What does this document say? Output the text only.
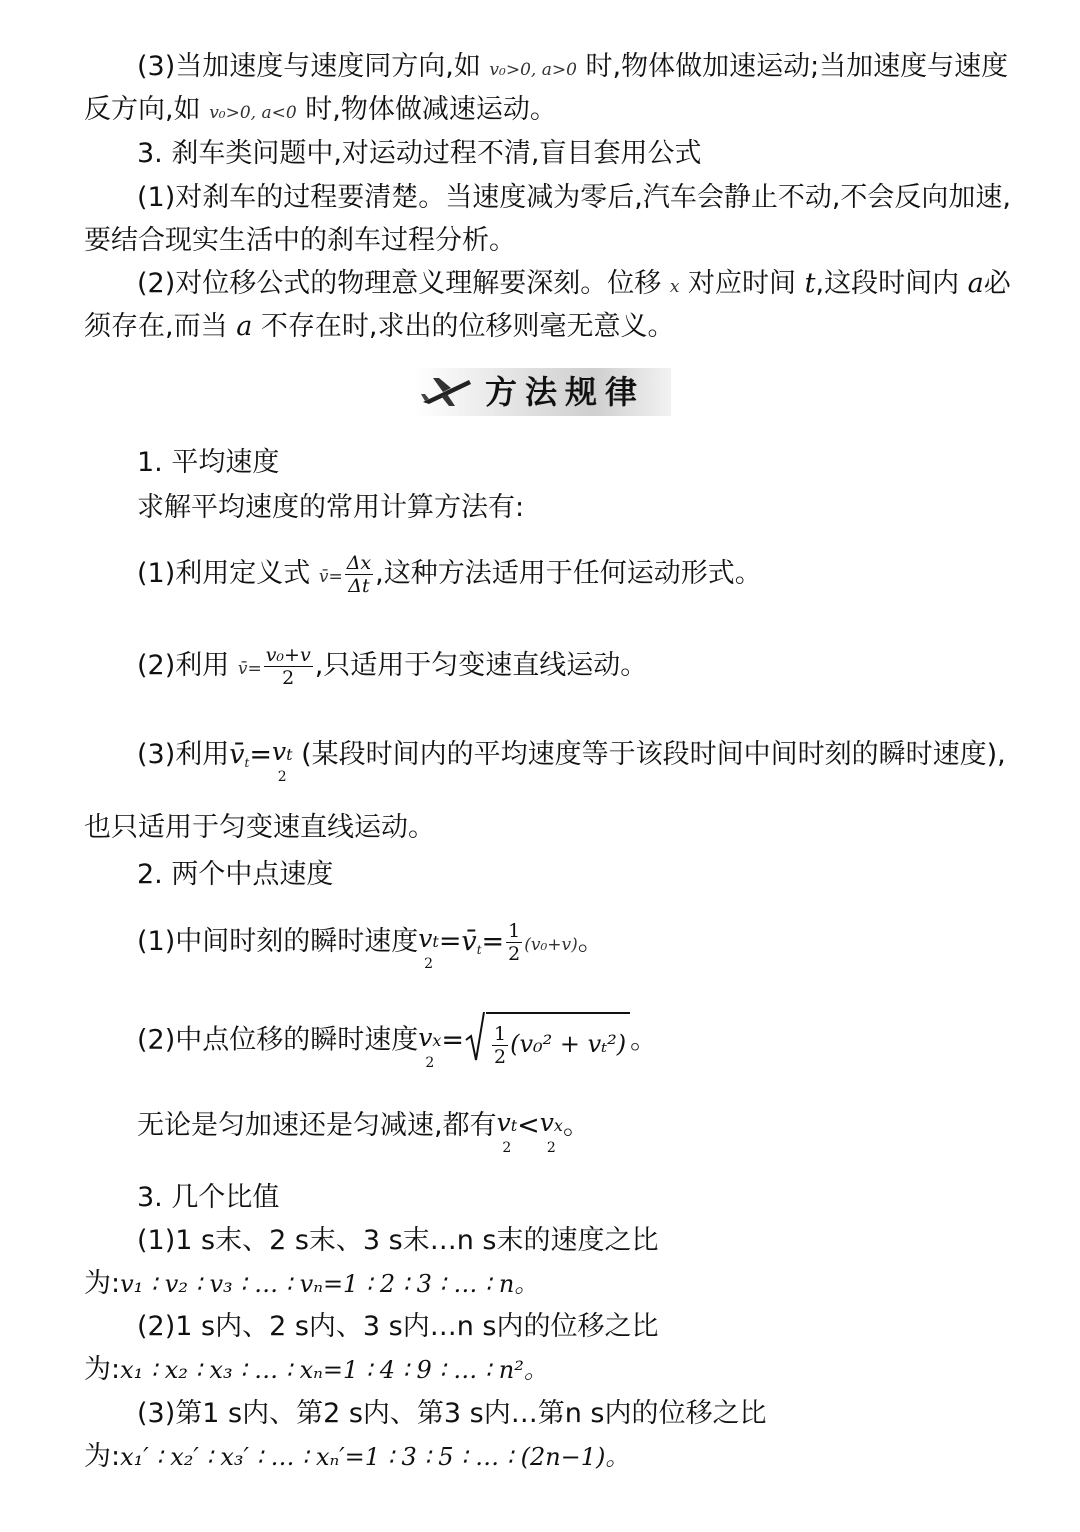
(3)当加速度与速度同方向,如 v₀>0, a>0 时,物体做加速运动;当加速度与速度
反方向,如 v₀>0, a<0 时,物体做减速运动。
3. 刹车类问题中,对运动过程不清,盲目套用公式
(1)对刹车的过程要清楚。当速度减为零后,汽车会静止不动,不会反向加速,
要结合现实生活中的刹车过程分析。
(2)对位移公式的物理意义理解要深刻。位移 x 对应时间 t,这段时间内 a必
须存在,而当 a 不存在时,求出的位移则毫无意义。
方法规律
1. 平均速度
求解平均速度的常用计算方法有:
(1)利用定义式 v̄= $\frac{\Delta x}{\Delta t}$ ,这种方法适用于任何运动形式。
(2)利用 v̄= $\frac{\text{v₀+v}}{2}$ ,只适用于匀变速直线运动。
(3)利用$v̄_t=vt$
2
(某段时间内的平均速度等于该段时间中间时刻的瞬时速度),
也只适用于匀变速直线运动。
2. 两个中点速度
(1)中间时刻的瞬时速度vt
2
$=v̄_t= \frac{1}{2} (v_0+v)$。
(2)中点位移的瞬时速度vx
2
= $\frac{1}{2} (v_0^2 + v_t^2)$ 。
无论是匀加速还是匀减速,都有vt
2
<vx
2
。
3. 几个比值
(1)1 s末、2 s末、3 s末…n s末的速度之比
为:v₁ ∶ v₂ ∶ v₃ ∶ … ∶ vₙ=1 ∶ 2 ∶ 3 ∶ … ∶ n。
(2)1 s内、2 s内、3 s内…n s内的位移之比
为:x₁ ∶ x₂ ∶ x₃ ∶ … ∶ xₙ=1 ∶ 4 ∶ 9 ∶ … ∶ n²。
(3)第1 s内、第2 s内、第3 s内…第n s内的位移之比
为:x₁′ ∶ x₂′ ∶ x₃′ ∶ … ∶ xₙ′=1 ∶ 3 ∶ 5 ∶ … ∶ (2n−1)。
